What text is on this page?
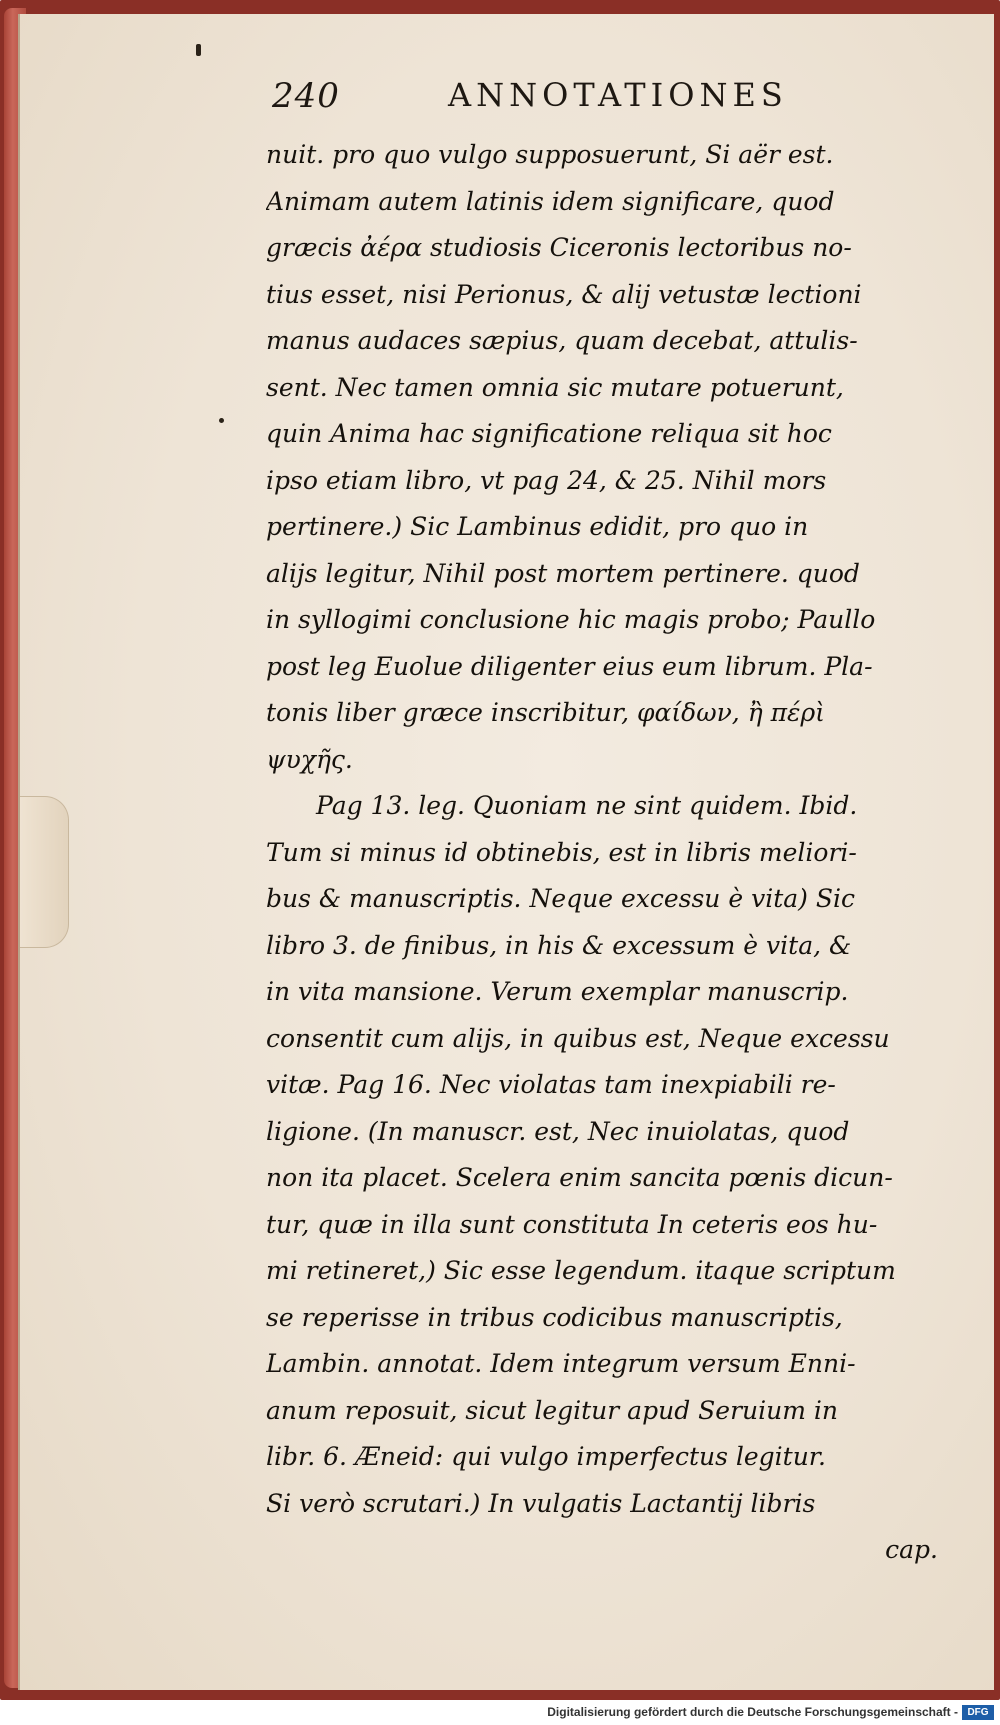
240	ANNOTATIONES
nuit. pro quo vulgo supposuerunt, Si aër est.
Animam autem latinis idem significare, quod
græcis ἀέρα studiosis Ciceronis lectoribus no-
tius esset, nisi Perionus, & alij vetustæ lectioni
manus audaces sæpius, quam decebat, attulis-
sent. Nec tamen omnia sic mutare potuerunt,
quin Anima hac significatione reliqua sit hoc
ipso etiam libro, vt pag 24, & 25. Nihil mors
pertinere.) Sic Lambinus edidit, pro quo in
alijs legitur, Nihil post mortem pertinere. quod
in syllogimi conclusione hic magis probo; Paullo
post leg Euolue diligenter eius eum librum. Pla-
tonis liber græce inscribitur, φαίδων, ἢ πέρὶ
ψυχῆς.
Pag 13. leg. Quoniam ne sint quidem. Ibid.
Tum si minus id obtinebis, est in libris meliori-
bus & manuscriptis. Neque excessu è vita) Sic
libro 3. de finibus, in his & excessum è vita, &
in vita mansione. Verum exemplar manuscrip.
consentit cum alijs, in quibus est, Neque excessu
vitæ. Pag 16. Nec violatas tam inexpiabili re-
ligione. (In manuscr. est, Nec inuiolatas, quod
non ita placet. Scelera enim sancita pœnis dicun-
tur, quæ in illa sunt constituta In ceteris eos hu-
mi retineret,) Sic esse legendum. itaque scriptum
se reperisse in tribus codicibus manuscriptis,
Lambin. annotat. Idem integrum versum Enni-
anum reposuit, sicut legitur apud Seruium in
libr. 6. Æneid: qui vulgo imperfectus legitur.
Si verò scrutari.) In vulgatis Lactantij libris
cap.
Digitalisierung gefördert durch die Deutsche Forschungsgemeinschaft - DFG
